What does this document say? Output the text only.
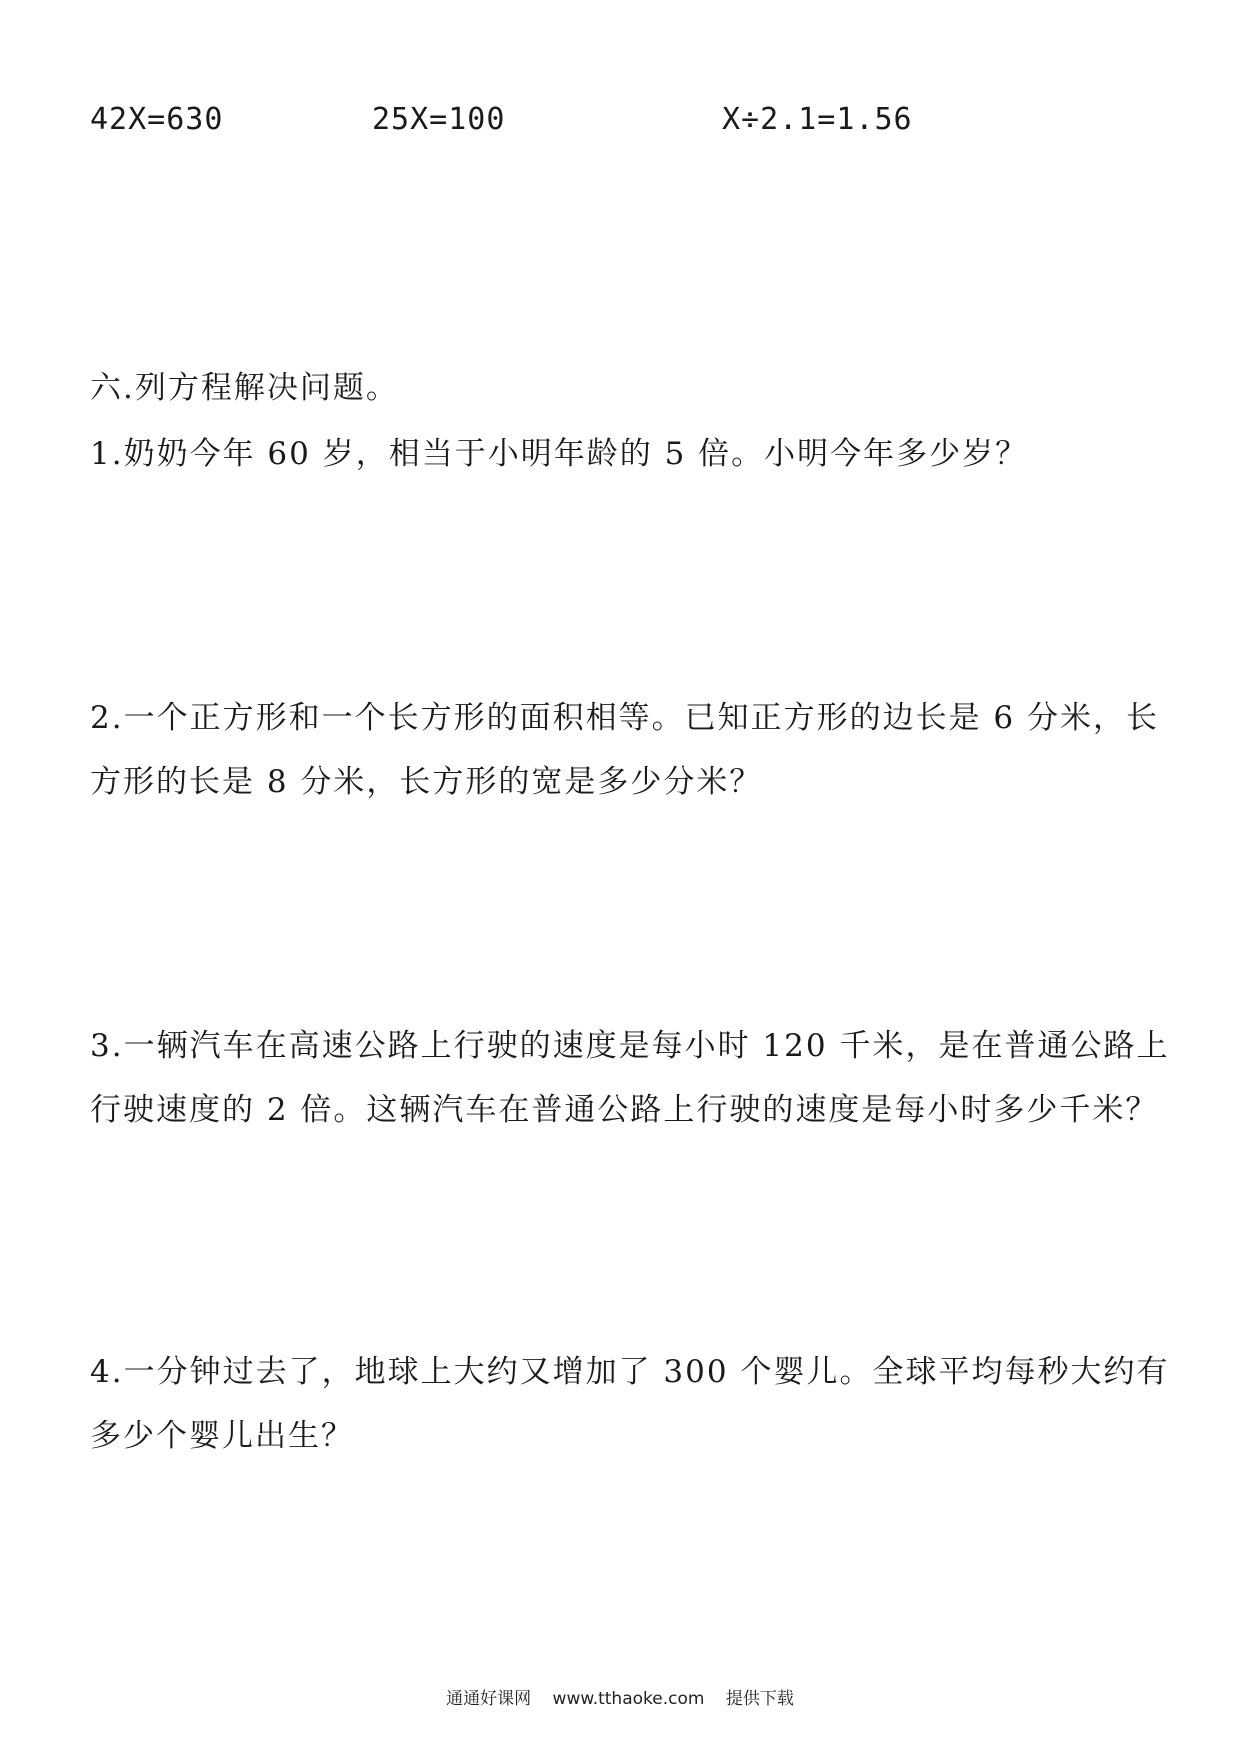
42X=630	25X=100	X÷2.1=1.56
六.列方程解决问题。
1.奶奶今年 60 岁，相当于小明年龄的 5 倍。小明今年多少岁？
2.一个正方形和一个长方形的面积相等。已知正方形的边长是 6 分米，长
方形的长是 8 分米，长方形的宽是多少分米？
3.一辆汽车在高速公路上行驶的速度是每小时 120 千米，是在普通公路上
行驶速度的 2 倍。这辆汽车在普通公路上行驶的速度是每小时多少千米？
4.一分钟过去了，地球上大约又增加了 300 个婴儿。全球平均每秒大约有
多少个婴儿出生？
通通好课网 www.tthaoke.com 提供下载
